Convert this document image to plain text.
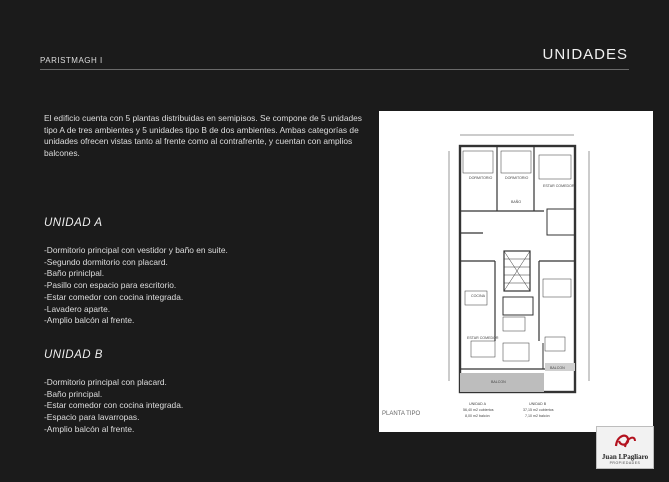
PARISTMAGH I	UNIDADES

El edificio cuenta con 5 plantas distribuidas en semipisos. Se compone de 5 unidades tipo A de tres ambientes y 5 unidades tipo B de dos ambientes. Ambas categorías de unidades ofrecen vistas tanto al frente como al contrafrente, y cuentan con amplios balcones.

UNIDAD A
-Dormitorio principal con vestidor y baño en suite.
-Segundo dormitorio con placard.
-Baño priniclpal.
-Pasillo con espacio para escritorio.
-Estar comedor con cocina integrada.
-Lavadero aparte.
-Amplio balcón al frente.
UNIDAD B
-Dormitorio principal con placard.
-Baño principal.
-Estar comedor con cocina integrada.
-Espacio para lavarropas.
-Amplio balcón al frente.
DORMITORIO	DORMITORIO
BAÑO
ESTAR COMEDOR
COCINA
ESTAR COMEDOR
BALCON
BALCON
UNIDAD A
56,40 m2 cubiertos
8,00 m2 balcón
UNIDAD B
37,15 m2 cubiertos
7,10 m2 balcón
PLANTA TIPO
Juan I.Pagliaro
PROPIEDADES
